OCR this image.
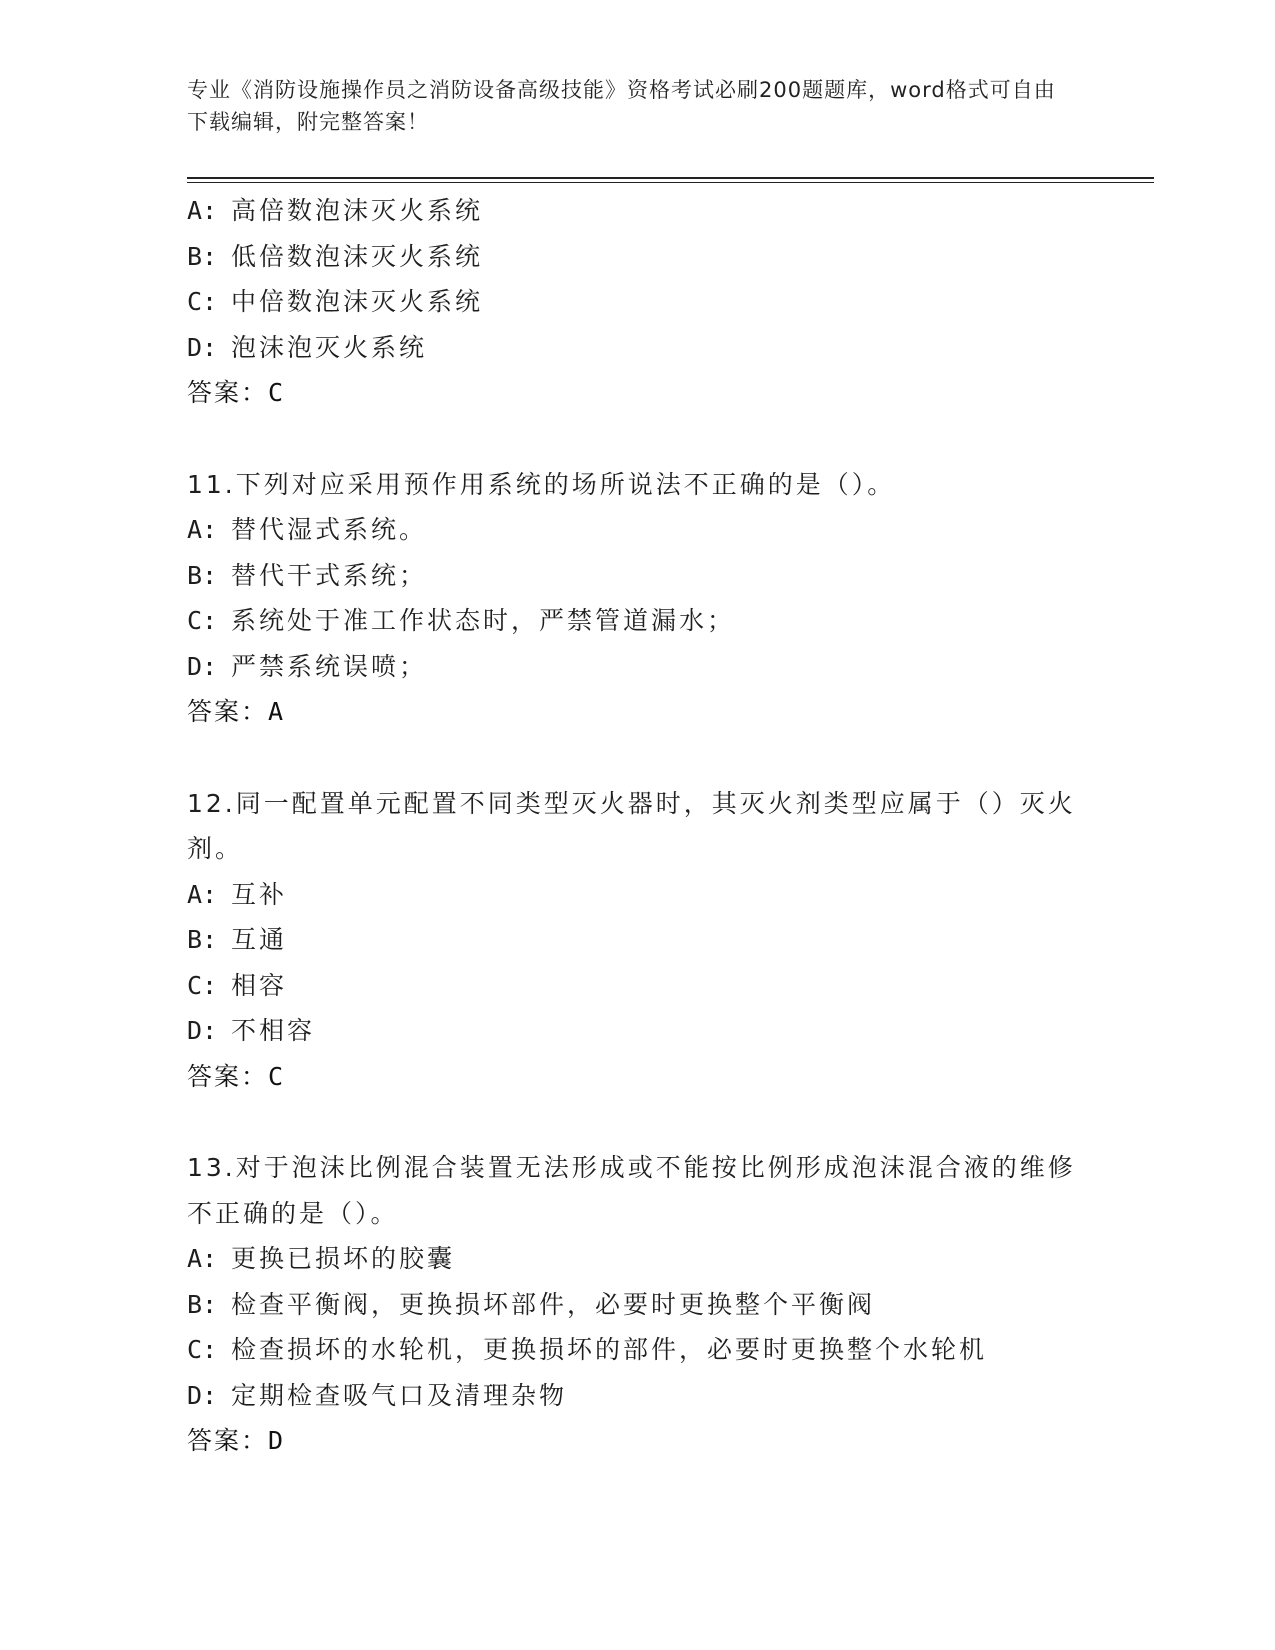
专业《消防设施操作员之消防设备高级技能》资格考试必刷200题题库，word格式可自由下载编辑，附完整答案！
A: 高倍数泡沫灭火系统
B: 低倍数泡沫灭火系统
C: 中倍数泡沫灭火系统
D: 泡沫泡灭火系统
答案：C
11.下列对应采用预作用系统的场所说法不正确的是（）。
A: 替代湿式系统。
B: 替代干式系统；
C: 系统处于准工作状态时，严禁管道漏水；
D: 严禁系统误喷；
答案：A
12.同一配置单元配置不同类型灭火器时，其灭火剂类型应属于（）灭火剂。
A: 互补
B: 互通
C: 相容
D: 不相容
答案：C
13.对于泡沫比例混合装置无法形成或不能按比例形成泡沫混合液的维修不正确的是（）。
A: 更换已损坏的胶囊
B: 检查平衡阀，更换损坏部件，必要时更换整个平衡阀
C: 检查损坏的水轮机，更换损坏的部件，必要时更换整个水轮机
D: 定期检查吸气口及清理杂物
答案：D
